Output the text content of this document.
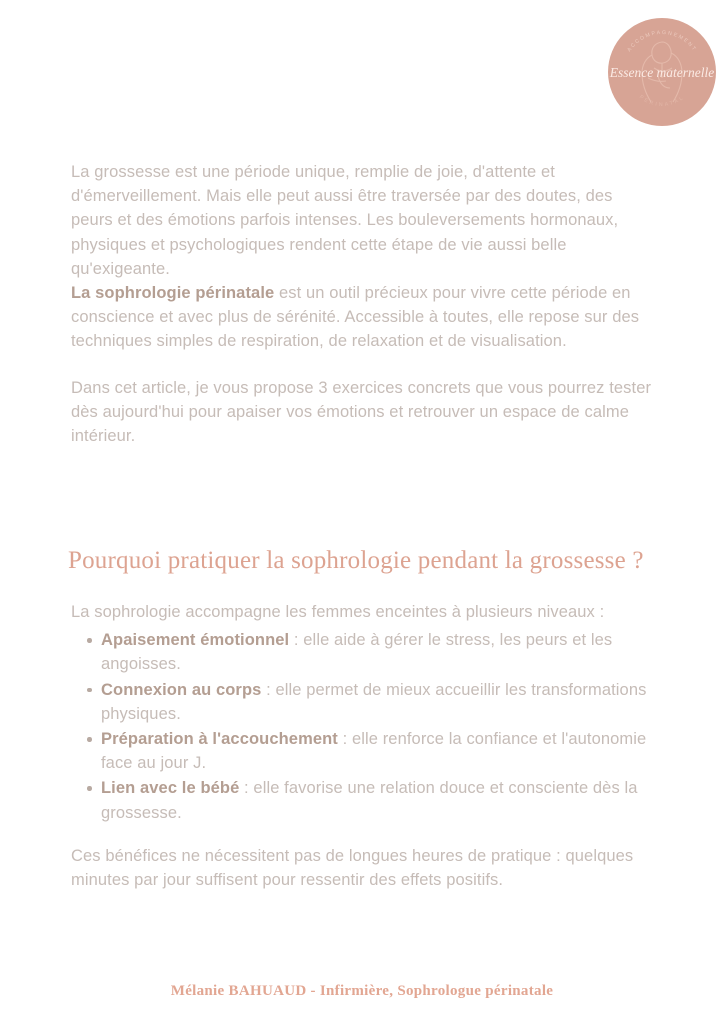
ACCOMPAGNEMENT
PERINATAL
Essence maternelle

La grossesse est une période unique, remplie de joie, d'attente et d'émerveillement. Mais elle peut aussi être traversée par des doutes, des peurs et des émotions parfois intenses. Les bouleversements hormonaux, physiques et psychologiques rendent cette étape de vie aussi belle qu'exigeante.
La sophrologie périnatale est un outil précieux pour vivre cette période en conscience et avec plus de sérénité. Accessible à toutes, elle repose sur des techniques simples de respiration, de relaxation et de visualisation.

Dans cet article, je vous propose 3 exercices concrets que vous pourrez tester dès aujourd'hui pour apaiser vos émotions et retrouver un espace de calme intérieur.

Pourquoi pratiquer la sophrologie pendant la grossesse ?

La sophrologie accompagne les femmes enceintes à plusieurs niveaux :

Apaisement émotionnel : elle aide à gérer le stress, les peurs et les angoisses.
Connexion au corps : elle permet de mieux accueillir les transformations physiques.
Préparation à l'accouchement : elle renforce la confiance et l'autonomie face au jour J.
Lien avec le bébé : elle favorise une relation douce et consciente dès la grossesse.

Ces bénéfices ne nécessitent pas de longues heures de pratique : quelques minutes par jour suffisent pour ressentir des effets positifs.

Mélanie BAHUAUD - Infirmière, Sophrologue périnatale
